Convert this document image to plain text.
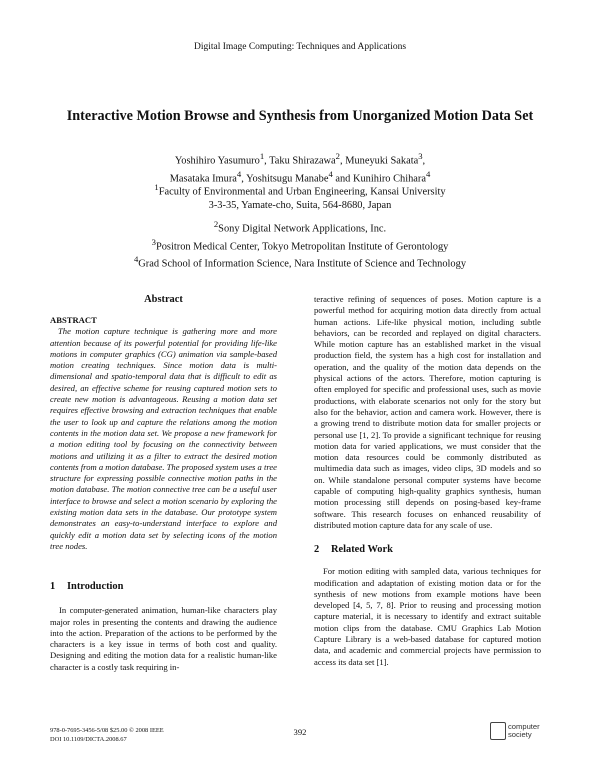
Digital Image Computing: Techniques and Applications
Interactive Motion Browse and Synthesis from Unorganized Motion Data Set
Yoshihiro Yasumuro$^1$, Taku Shirazawa$^2$, Muneyuki Sakata$^3$,
Masataka Imura$^4$, Yoshitsugu Manabe$^4$ and Kunihiro Chihara$^4$
$^1$Faculty of Environmental and Urban Engineering, Kansai University
3-3-35, Yamate-cho, Suita, 564-8680, Japan
$^2$Sony Digital Network Applications, Inc.
$^3$Positron Medical Center, Tokyo Metropolitan Institute of Gerontology
$^4$Grad School of Information Science, Nara Institute of Science and Technology
Abstract
ABSTRACT

The motion capture technique is gathering more and more attention because of its powerful potential for providing life-like motions in computer graphics (CG) animation via sample-based motion creating techniques. Since motion data is multi-dimensional and spatio-temporal data that is difficult to edit as desired, an effective scheme for reusing captured motion sets to create new motion is advantageous. Reusing a motion data set requires effective browsing and extraction techniques that enable the user to look up and capture the relations among the motion contents in the motion data set. We propose a new framework for a motion editing tool by focusing on the connectivity between motions and utilizing it as a filter to extract the desired motion contents from a motion database. The proposed system uses a tree structure for expressing possible connective motion paths in the motion database. The motion connective tree can be a useful user interface to browse and select a motion scenario by exploring the existing motion data sets in the database. Our prototype system demonstrates an easy-to-understand interface to explore and quickly edit a motion data set by selecting icons of the motion tree nodes.

1 Introduction

In computer-generated animation, human-like characters play major roles in presenting the contents and drawing the audience into the action. Preparation of the actions to be performed by the characters is a key issue in terms of both cost and quality. Designing and editing the motion data for a realistic human-like character is a costly task requiring in-

teractive refining of sequences of poses. Motion capture is a powerful method for acquiring motion data directly from actual human actions. Life-like physical motion, including subtle behaviors, can be recorded and replayed on digital characters. While motion capture has an established market in the visual production field, the system has a high cost for installation and operation, and the quality of the motion data depends on the physical actions of the actors. Therefore, motion capturing is often employed for specific and professional uses, such as movie productions, with elaborate scenarios not only for the story but also for the behavior, action and camera work. However, there is a growing trend to distribute motion data for smaller projects or personal use [1, 2]. To provide a significant technique for reusing motion data for varied applications, we must consider that the motion data resources could be commonly distributed as multimedia data such as images, video clips, 3D models and so on. While standalone personal computer systems have become capable of computing high-quality graphics synthesis, human motion processing still depends on posing-based key-frame software. This research focuses on enhanced reusability of distributed motion capture data for any scale of use.

2 Related Work

For motion editing with sampled data, various techniques for modification and adaptation of existing motion data or for the synthesis of new motions from example motions have been developed [4, 5, 7, 8]. Prior to reusing and processing motion capture material, it is necessary to identify and extract suitable motion clips from the database. CMU Graphics Lab Motion Capture Library is a web-based database for captured motion data, and academic and commercial projects have permission to access its data set [1].

978-0-7695-3456-5/08 $25.00 © 2008 IEEE
DOI 10.1109/DICTA.2008.67
392
computer
society
